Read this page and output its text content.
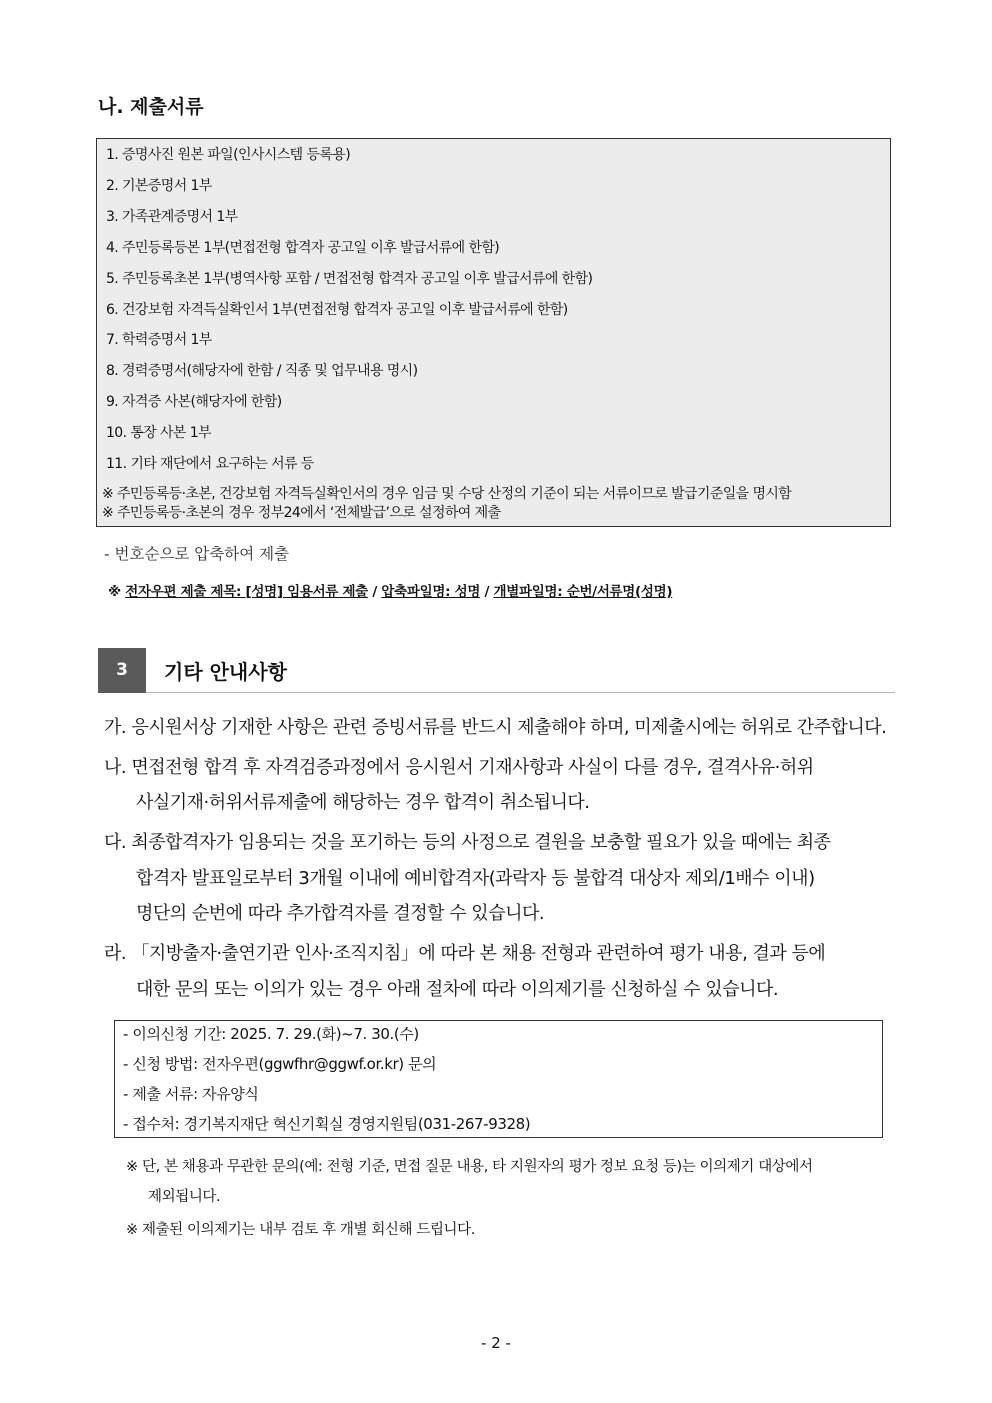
나. 제출서류
1. 증명사진 원본 파일(인사시스템 등록용)
2. 기본증명서 1부
3. 가족관계증명서 1부
4. 주민등록등본 1부(면접전형 합격자 공고일 이후 발급서류에 한함)
5. 주민등록초본 1부(병역사항 포함 / 면접전형 합격자 공고일 이후 발급서류에 한함)
6. 건강보험 자격득실확인서 1부(면접전형 합격자 공고일 이후 발급서류에 한함)
7. 학력증명서 1부
8. 경력증명서(해당자에 한함 / 직종 및 업무내용 명시)
9. 자격증 사본(해당자에 한함)
10. 통장 사본 1부
11. 기타 재단에서 요구하는 서류 등
※ 주민등록등·초본, 건강보험 자격득실확인서의 경우 임금 및 수당 산정의 기준이 되는 서류이므로 발급기준일을 명시함
※ 주민등록등·초본의 경우 정부24에서 ‘전체발급’으로 설정하여 제출
- 번호순으로 압축하여 제출
※ 전자우편 제출 제목: [성명] 임용서류 제출 / 압축파일명: 성명 / 개별파일명: 순번/서류명(성명)
3	기타 안내사항
가. 응시원서상 기재한 사항은 관련 증빙서류를 반드시 제출해야 하며, 미제출시에는 허위로 간주합니다.
나. 면접전형 합격 후 자격검증과정에서 응시원서 기재사항과 사실이 다를 경우, 결격사유·허위
사실기재·허위서류제출에 해당하는 경우 합격이 취소됩니다.
다. 최종합격자가 임용되는 것을 포기하는 등의 사정으로 결원을 보충할 필요가 있을 때에는 최종
합격자 발표일로부터 3개월 이내에 예비합격자(과락자 등 불합격 대상자 제외/1배수 이내)
명단의 순번에 따라 추가합격자를 결정할 수 있습니다.
라. 「지방출자·출연기관 인사·조직지침」에 따라 본 채용 전형과 관련하여 평가 내용, 결과 등에
대한 문의 또는 이의가 있는 경우 아래 절차에 따라 이의제기를 신청하실 수 있습니다.
- 이의신청 기간: 2025. 7. 29.(화)~7. 30.(수)
- 신청 방법: 전자우편(ggwfhr@ggwf.or.kr) 문의
- 제출 서류: 자유양식
- 접수처: 경기복지재단 혁신기획실 경영지원팀(031-267-9328)
※ 단, 본 채용과 무관한 문의(예: 전형 기준, 면접 질문 내용, 타 지원자의 평가 정보 요청 등)는 이의제기 대상에서
제외됩니다.
※ 제출된 이의제기는 내부 검토 후 개별 회신해 드립니다.
- 2 -
